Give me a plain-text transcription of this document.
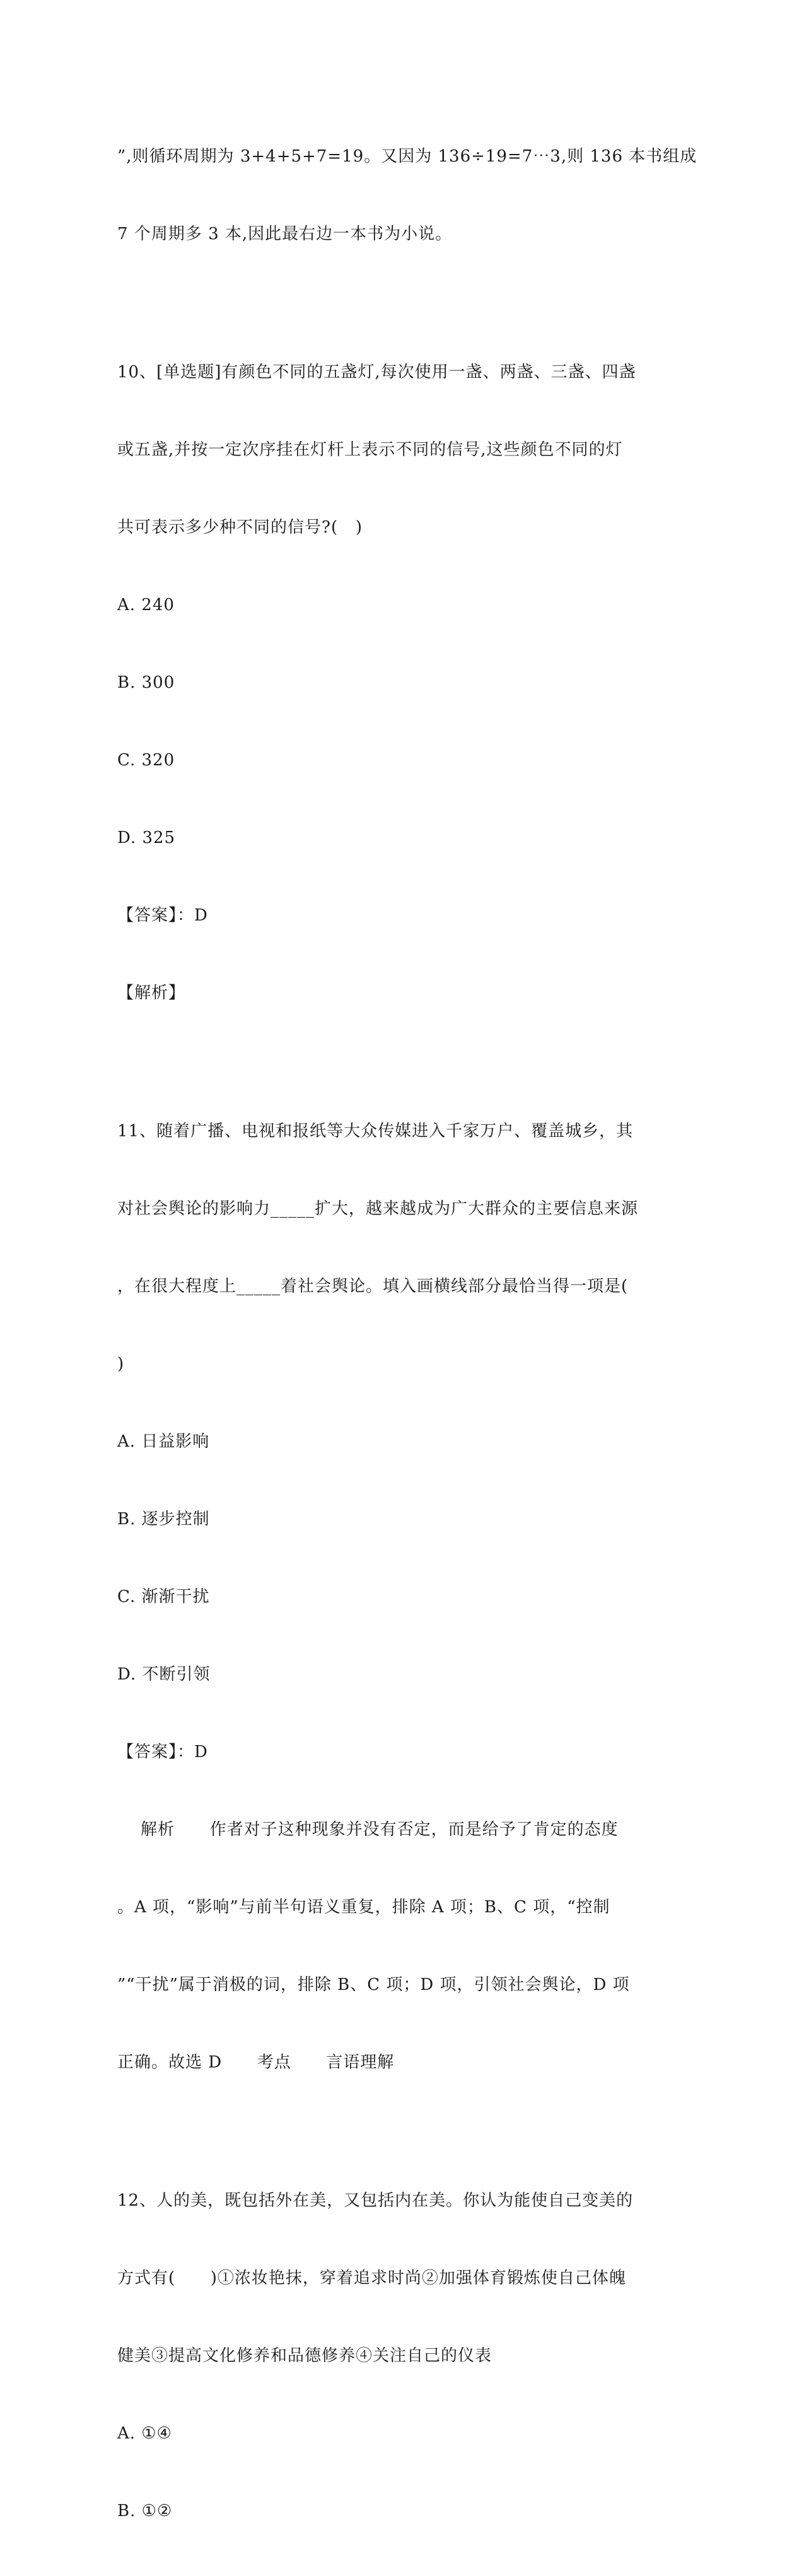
”,则循环周期为 3+4+5+7=19。又因为 136÷19=7⋯3,则 136 本书组成

7 个周期多 3 本,因此最右边一本书为小说。

10、[单选题]有颜色不同的五盏灯,每次使用一盏、两盏、三盏、四盏

或五盏,并按一定次序挂在灯杆上表示不同的信号,这些颜色不同的灯

共可表示多少种不同的信号?(   )

A. 240

B. 300

C. 320

D. 325

【答案】：D

【解析】

11、随着广播、电视和报纸等大众传媒进入千家万户、覆盖城乡，其

对社会舆论的影响力_____扩大，越来越成为广大群众的主要信息来源

，在很大程度上_____着社会舆论。填入画横线部分最恰当得一项是(

)

A. 日益影响

B. 逐步控制

C. 渐渐干扰

D. 不断引领

【答案】：D

解析      作者对子这种现象并没有否定，而是给予了肯定的态度

。A 项，“影响”与前半句语义重复，排除 A 项；B、C 项，“控制

”“干扰”属于消极的词，排除 B、C 项；D 项，引领社会舆论，D 项

正确。故选 D      考点      言语理解

12、人的美，既包括外在美，又包括内在美。你认为能使自己变美的

方式有(      )①浓妆艳抹，穿着追求时尚②加强体育锻炼使自己体魄

健美③提高文化修养和品德修养④关注自己的仪表

A. ①④

B. ①②
